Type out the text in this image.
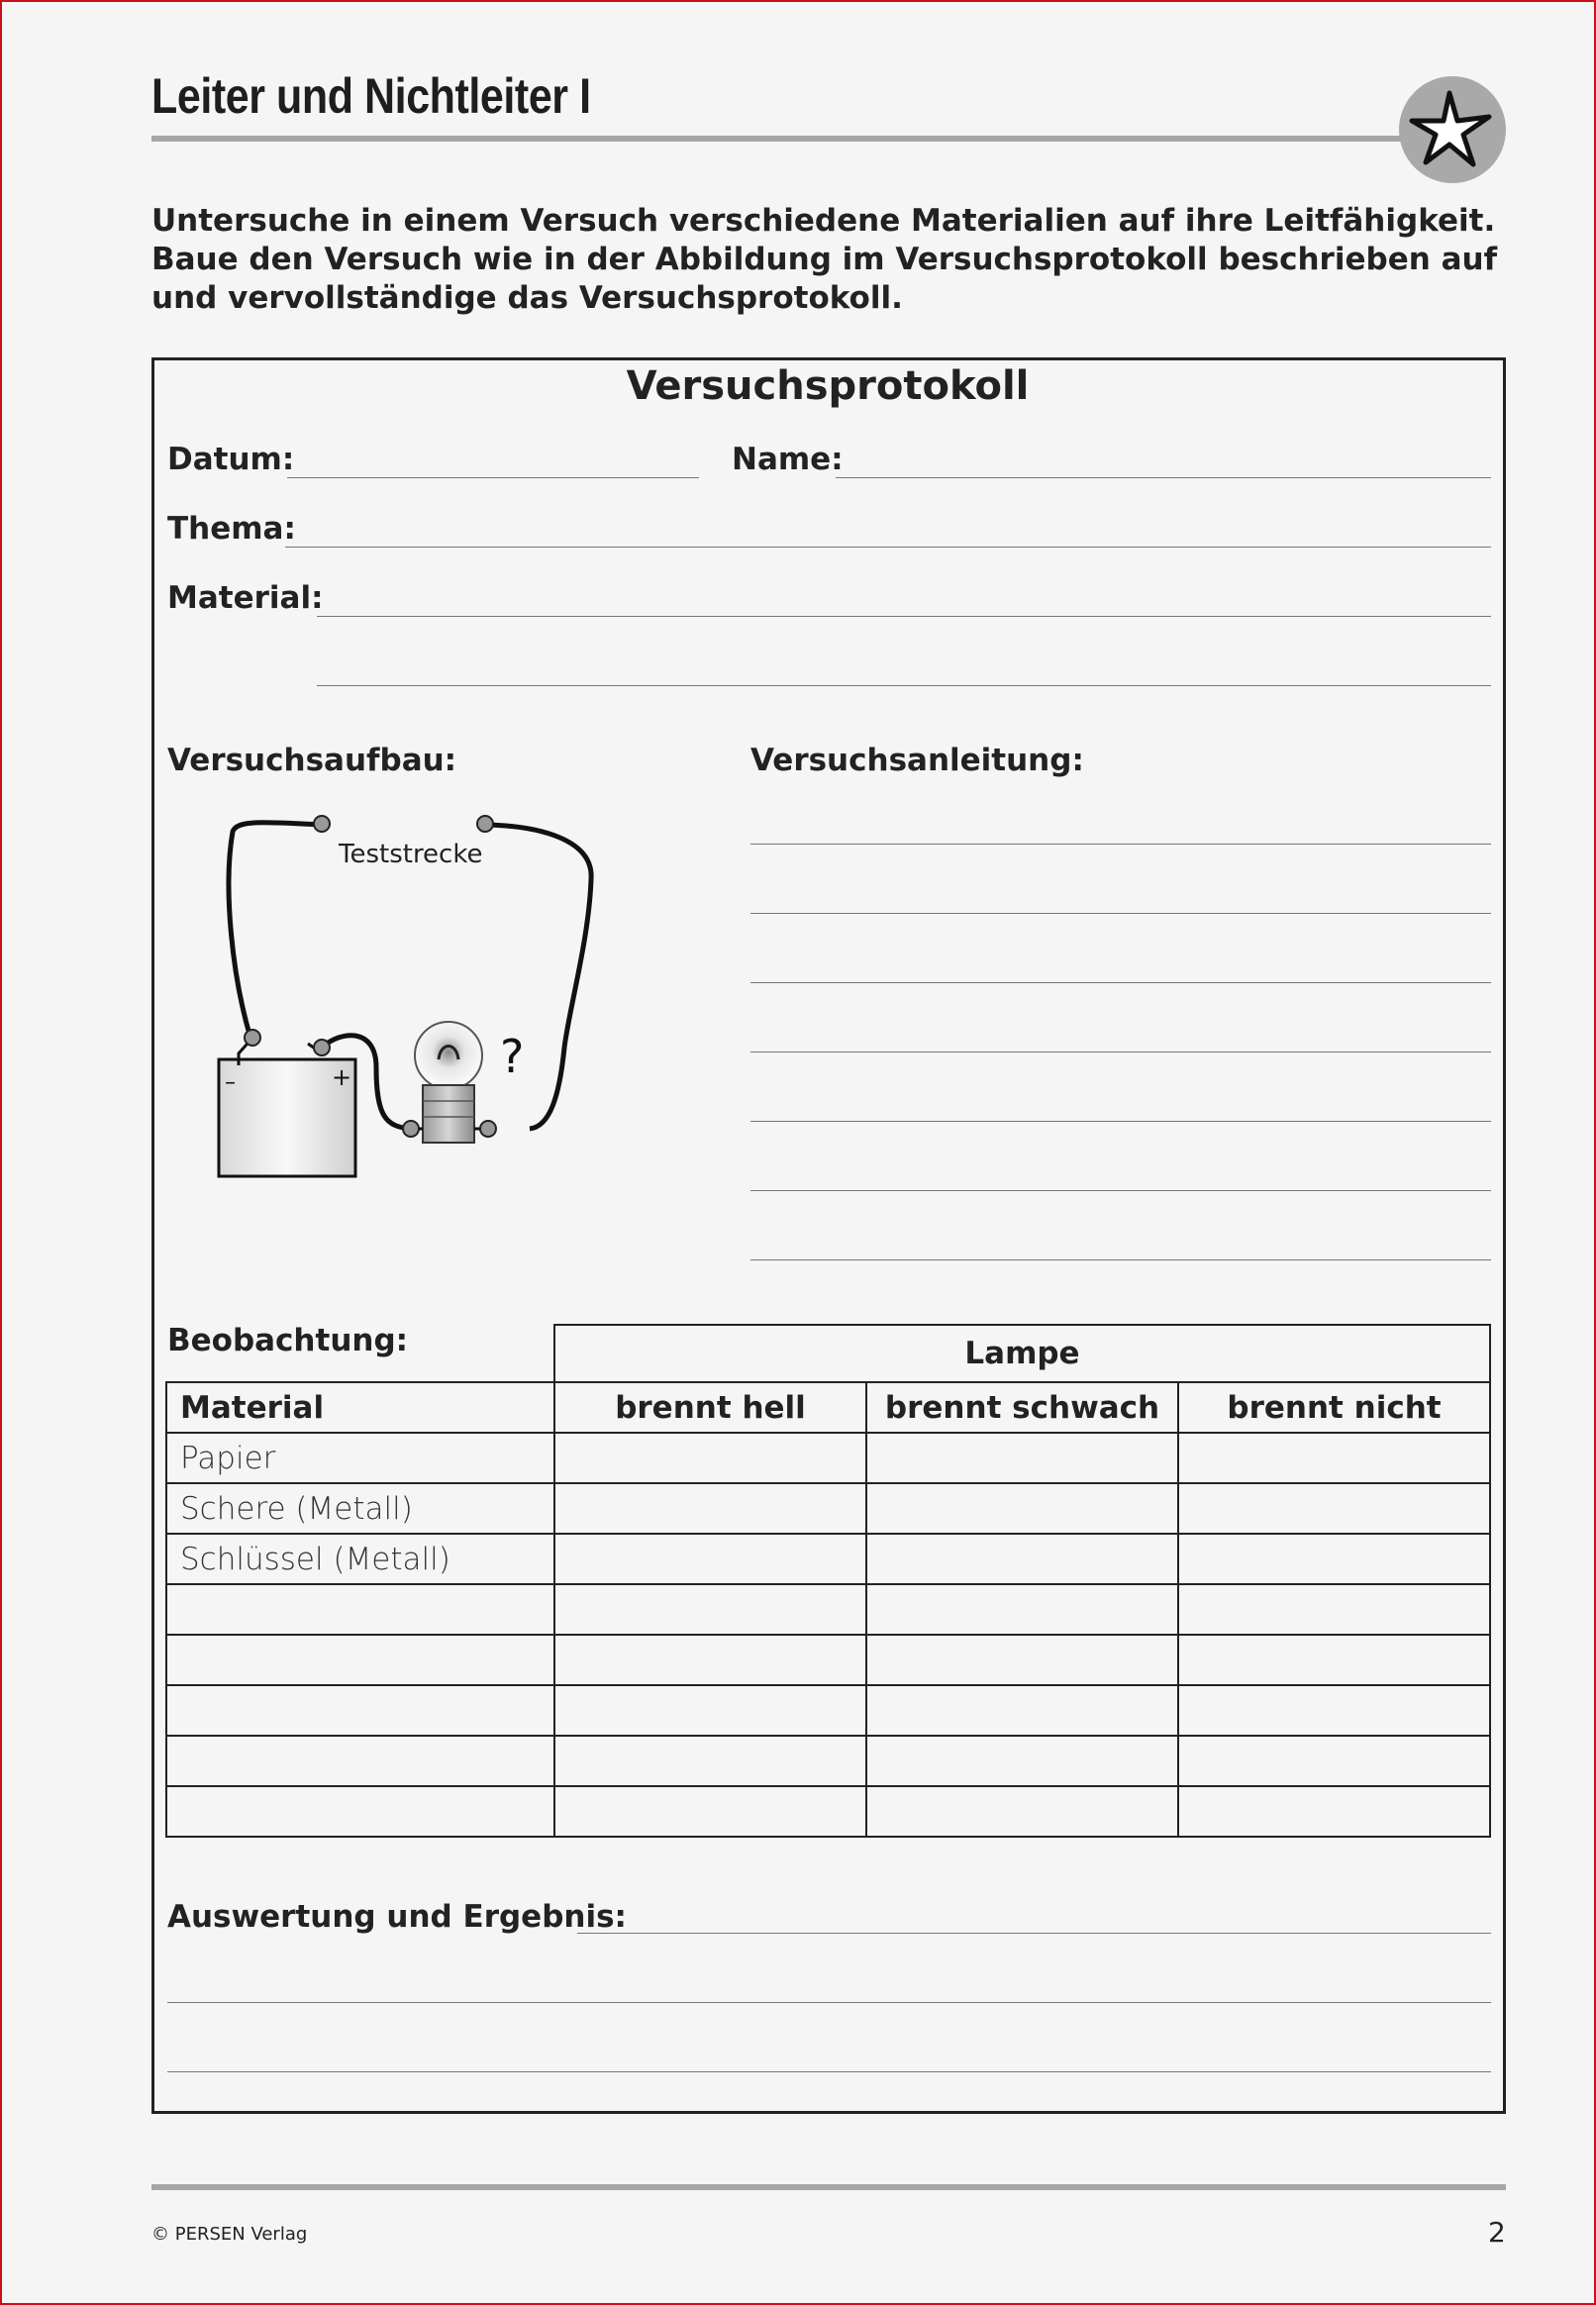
Leiter und Nichtleiter I
Untersuche in einem Versuch verschiedene Materialien auf ihre Leitfähigkeit. Baue den Versuch wie in der Abbildung im Versuchsprotokoll beschrieben auf und vervollständige das Versuchsprotokoll.
Versuchsprotokoll
Datum:	Name:
Thema:
Material:
Versuchsaufbau:	Versuchsanleitung:
–	+	?
Teststrecke
Beobachtung:
		Lampe		
Material	brennt hell	brennt schwach	brennt nicht
Papier			
Schere (Metall)			
Schlüssel (Metall)			

Auswertung und Ergebnis:
© PERSEN Verlag	2
